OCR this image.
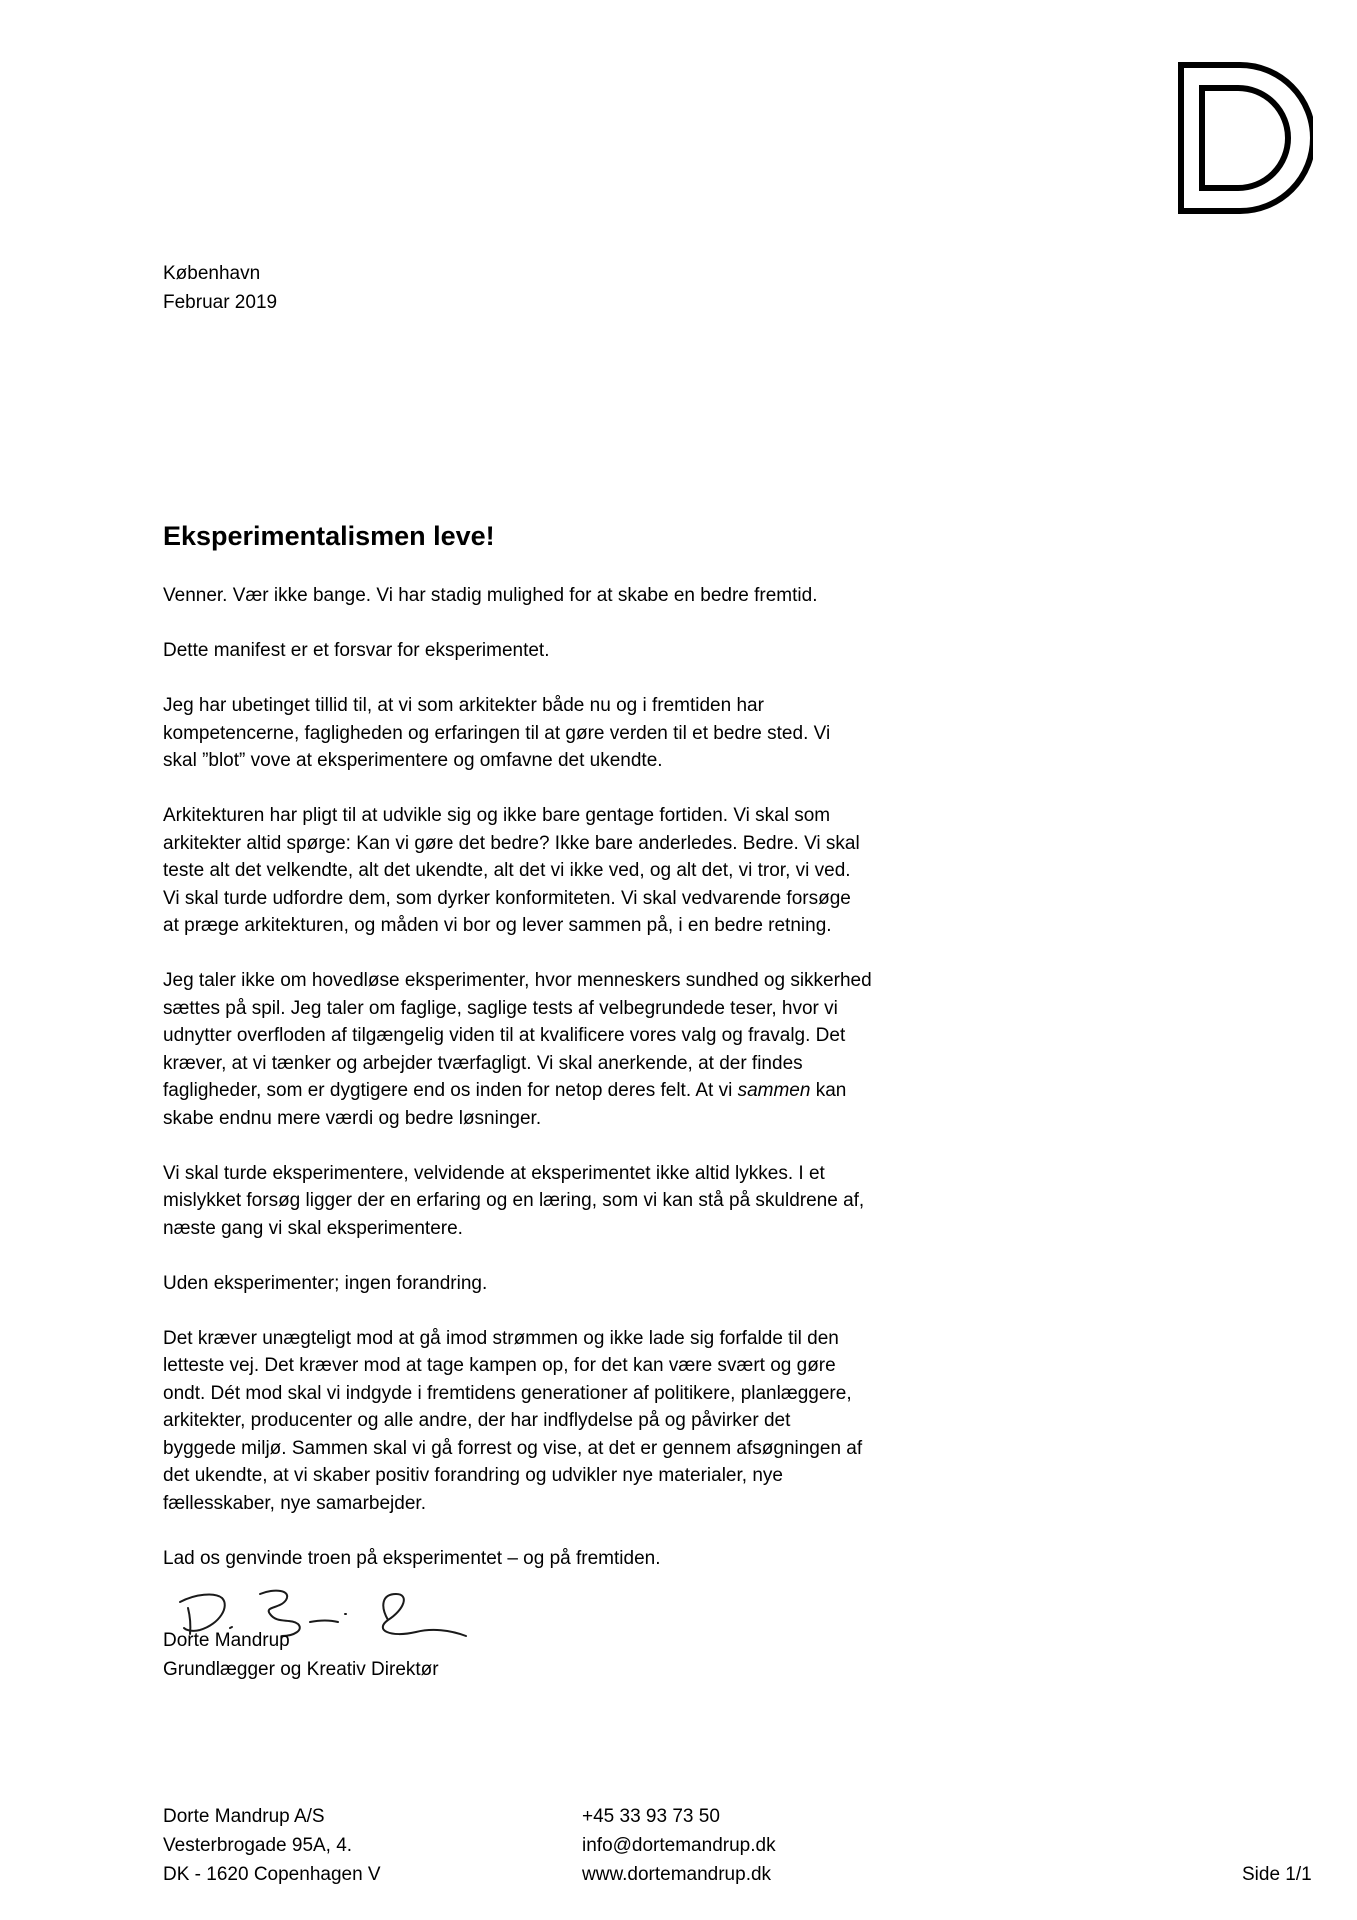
København
Februar 2019
Eksperimentalismen leve!
Venner. Vær ikke bange. Vi har stadig mulighed for at skabe en bedre fremtid.
Dette manifest er et forsvar for eksperimentet.
Jeg har ubetinget tillid til, at vi som arkitekter både nu og i fremtiden har
kompetencerne, fagligheden og erfaringen til at gøre verden til et bedre sted. Vi
skal ”blot” vove at eksperimentere og omfavne det ukendte.
Arkitekturen har pligt til at udvikle sig og ikke bare gentage fortiden. Vi skal som
arkitekter altid spørge: Kan vi gøre det bedre? Ikke bare anderledes. Bedre. Vi skal
teste alt det velkendte, alt det ukendte, alt det vi ikke ved, og alt det, vi tror, vi ved.
Vi skal turde udfordre dem, som dyrker konformiteten. Vi skal vedvarende forsøge
at præge arkitekturen, og måden vi bor og lever sammen på, i en bedre retning.
Jeg taler ikke om hovedløse eksperimenter, hvor menneskers sundhed og sikkerhed
sættes på spil. Jeg taler om faglige, saglige tests af velbegrundede teser, hvor vi
udnytter overfloden af tilgængelig viden til at kvalificere vores valg og fravalg. Det
kræver, at vi tænker og arbejder tværfagligt. Vi skal anerkende, at der findes
fagligheder, som er dygtigere end os inden for netop deres felt. At vi sammen kan
skabe endnu mere værdi og bedre løsninger.
Vi skal turde eksperimentere, velvidende at eksperimentet ikke altid lykkes. I et
mislykket forsøg ligger der en erfaring og en læring, som vi kan stå på skuldrene af,
næste gang vi skal eksperimentere.
Uden eksperimenter; ingen forandring.
Det kræver unægteligt mod at gå imod strømmen og ikke lade sig forfalde til den
letteste vej. Det kræver mod at tage kampen op, for det kan være svært og gøre
ondt. Dét mod skal vi indgyde i fremtidens generationer af politikere, planlæggere,
arkitekter, producenter og alle andre, der har indflydelse på og påvirker det
byggede miljø. Sammen skal vi gå forrest og vise, at det er gennem afsøgningen af
det ukendte, at vi skaber positiv forandring og udvikler nye materialer, nye
fællesskaber, nye samarbejder.
Lad os genvinde troen på eksperimentet – og på fremtiden.
Dorte Mandrup
Grundlægger og Kreativ Direktør
Dorte Mandrup A/S
Vesterbrogade 95A, 4.
DK - 1620 Copenhagen V
+45 33 93 73 50
info@dortemandrup.dk
www.dortemandrup.dk	Side 1/1
